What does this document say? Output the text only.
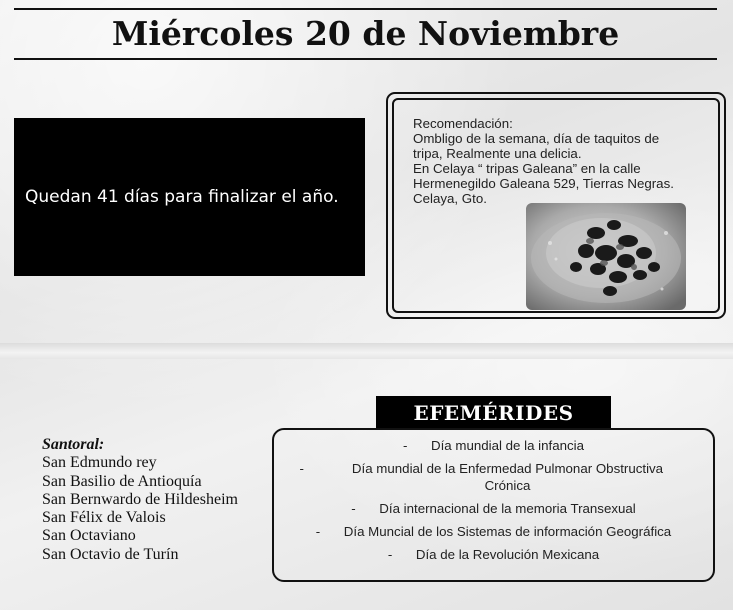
Miércoles 20 de Noviembre
Quedan 41 días para finalizar el año.
Recomendación:
Ombligo de la semana, día de taquitos de
tripa, Realmente una delicia.
En Celaya “ tripas Galeana” en la calle
Hermenegildo Galeana 529, Tierras Negras.
Celaya, Gto.
Santoral:
San Edmundo rey
San Basilio de Antioquía
San Bernwardo de Hildesheim
San Félix de Valois
San Octaviano
San Octavio de Turín
EFEMÉRIDES
-	Día mundial de la infancia
-	Día mundial de la Enfermedad Pulmonar Obstructiva Crónica
-	Día internacional de la memoria Transexual
-	Día Muncial de los Sistemas de información Geográfica
-	Día de la Revolución Mexicana
